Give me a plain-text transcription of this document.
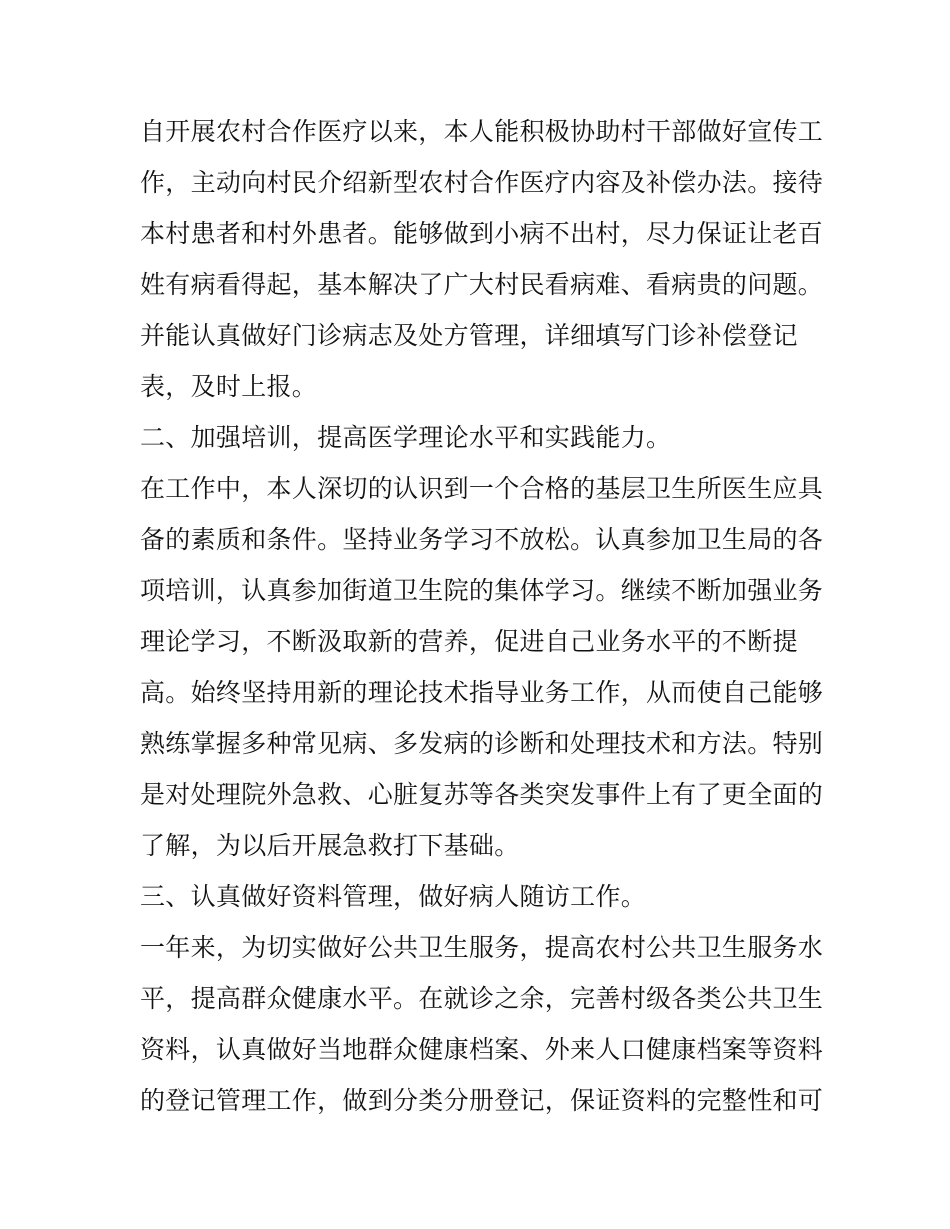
自开展农村合作医疗以来，本人能积极协助村干部做好宣传工
作，主动向村民介绍新型农村合作医疗内容及补偿办法。接待
本村患者和村外患者。能够做到小病不出村，尽力保证让老百
姓有病看得起，基本解决了广大村民看病难、看病贵的问题。
并能认真做好门诊病志及处方管理，详细填写门诊补偿登记
表，及时上报。
二、加强培训，提高医学理论水平和实践能力。
在工作中，本人深切的认识到一个合格的基层卫生所医生应具
备的素质和条件。坚持业务学习不放松。认真参加卫生局的各
项培训，认真参加街道卫生院的集体学习。继续不断加强业务
理论学习，不断汲取新的营养，促进自己业务水平的不断提
高。始终坚持用新的理论技术指导业务工作，从而使自己能够
熟练掌握多种常见病、多发病的诊断和处理技术和方法。特别
是对处理院外急救、心脏复苏等各类突发事件上有了更全面的
了解，为以后开展急救打下基础。
三、认真做好资料管理，做好病人随访工作。
一年来，为切实做好公共卫生服务，提高农村公共卫生服务水
平，提高群众健康水平。在就诊之余，完善村级各类公共卫生
资料，认真做好当地群众健康档案、外来人口健康档案等资料
的登记管理工作，做到分类分册登记，保证资料的完整性和可
